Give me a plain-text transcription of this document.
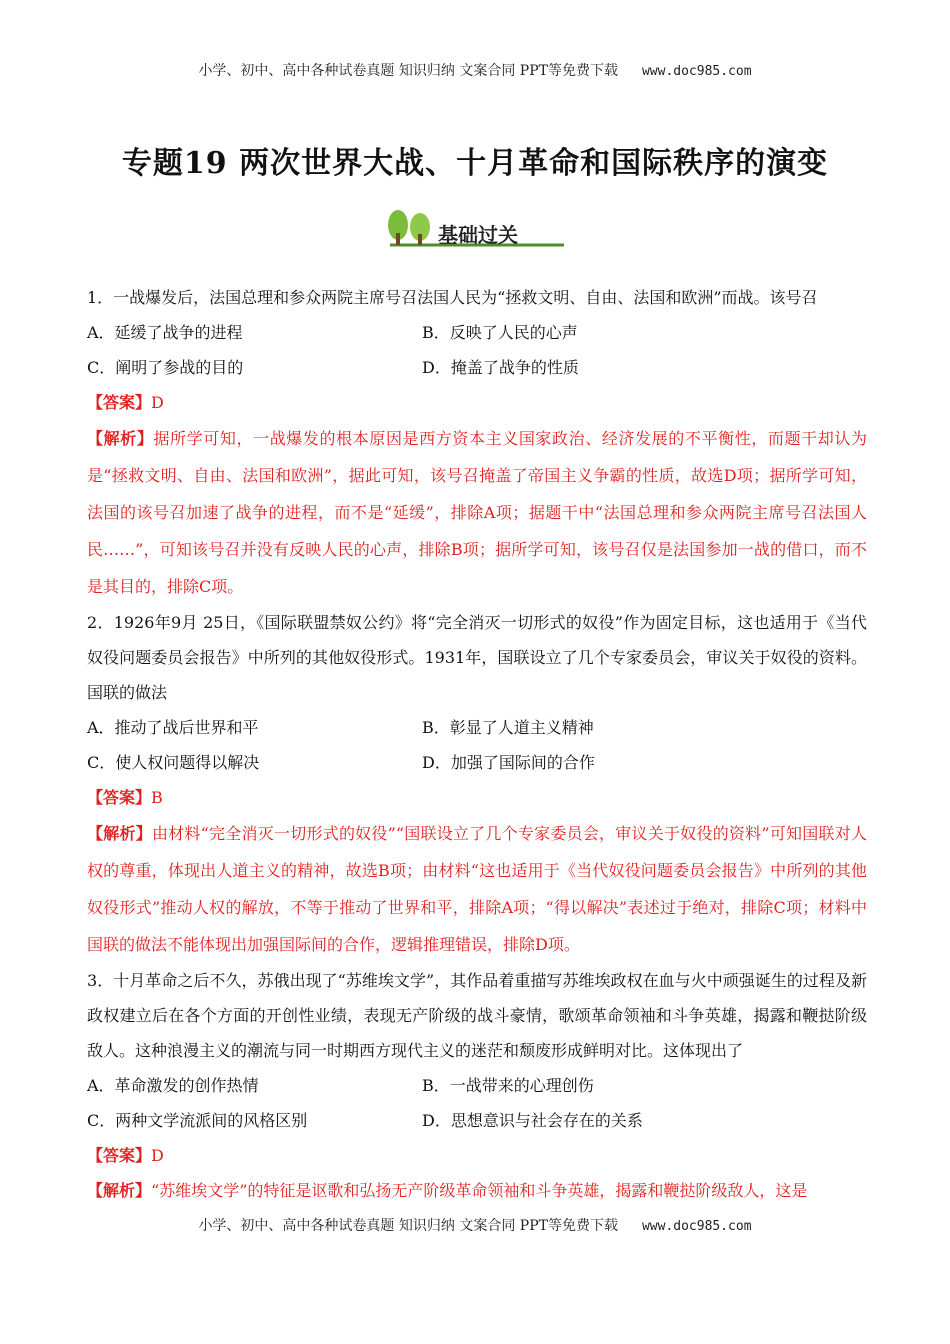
小学、初中、高中各种试卷真题 知识归纳 文案合同 PPT等免费下载 www.doc985.com
专题19 两次世界大战、十月革命和国际秩序的演变
基础过关
1．一战爆发后，法国总理和参众两院主席号召法国人民为“拯救文明、自由、法国和欧洲”而战。该号召
A．延缓了战争的进程	B．反映了人民的心声
C．阐明了参战的目的	D．掩盖了战争的性质
【答案】D
【解析】据所学可知，一战爆发的根本原因是西方资本主义国家政治、经济发展的不平衡性，而题干却认为是“拯救文明、自由、法国和欧洲”，据此可知，该号召掩盖了帝国主义争霸的性质，故选D项；据所学可知，法国的该号召加速了战争的进程，而不是“延缓”，排除A项；据题干中“法国总理和参众两院主席号召法国人民……”，可知该号召并没有反映人民的心声，排除B项；据所学可知，该号召仅是法国参加一战的借口，而不是其目的，排除C项。
2．1926年9月 25日，《国际联盟禁奴公约》将“完全消灭一切形式的奴役”作为固定目标，这也适用于《当代奴役问题委员会报告》中所列的其他奴役形式。1931年，国联设立了几个专家委员会，审议关于奴役的资料。国联的做法
A．推动了战后世界和平	B．彰显了人道主义精神
C．使人权问题得以解决	D．加强了国际间的合作
【答案】B
【解析】由材料“完全消灭一切形式的奴役”“国联设立了几个专家委员会，审议关于奴役的资料”可知国联对人权的尊重，体现出人道主义的精神，故选B项；由材料“这也适用于《当代奴役问题委员会报告》中所列的其他奴役形式”推动人权的解放，不等于推动了世界和平，排除A项；“得以解决”表述过于绝对，排除C项；材料中国联的做法不能体现出加强国际间的合作，逻辑推理错误，排除D项。
3．十月革命之后不久，苏俄出现了“苏维埃文学”，其作品着重描写苏维埃政权在血与火中顽强诞生的过程及新政权建立后在各个方面的开创性业绩，表现无产阶级的战斗豪情，歌颂革命领袖和斗争英雄，揭露和鞭挞阶级敌人。这种浪漫主义的潮流与同一时期西方现代主义的迷茫和颓废形成鲜明对比。这体现出了
A．革命激发的创作热情	B．一战带来的心理创伤
C．两种文学流派间的风格区别	D．思想意识与社会存在的关系
【答案】D
【解析】“苏维埃文学”的特征是讴歌和弘扬无产阶级革命领袖和斗争英雄，揭露和鞭挞阶级敌人，这是
小学、初中、高中各种试卷真题 知识归纳 文案合同 PPT等免费下载 www.doc985.com
